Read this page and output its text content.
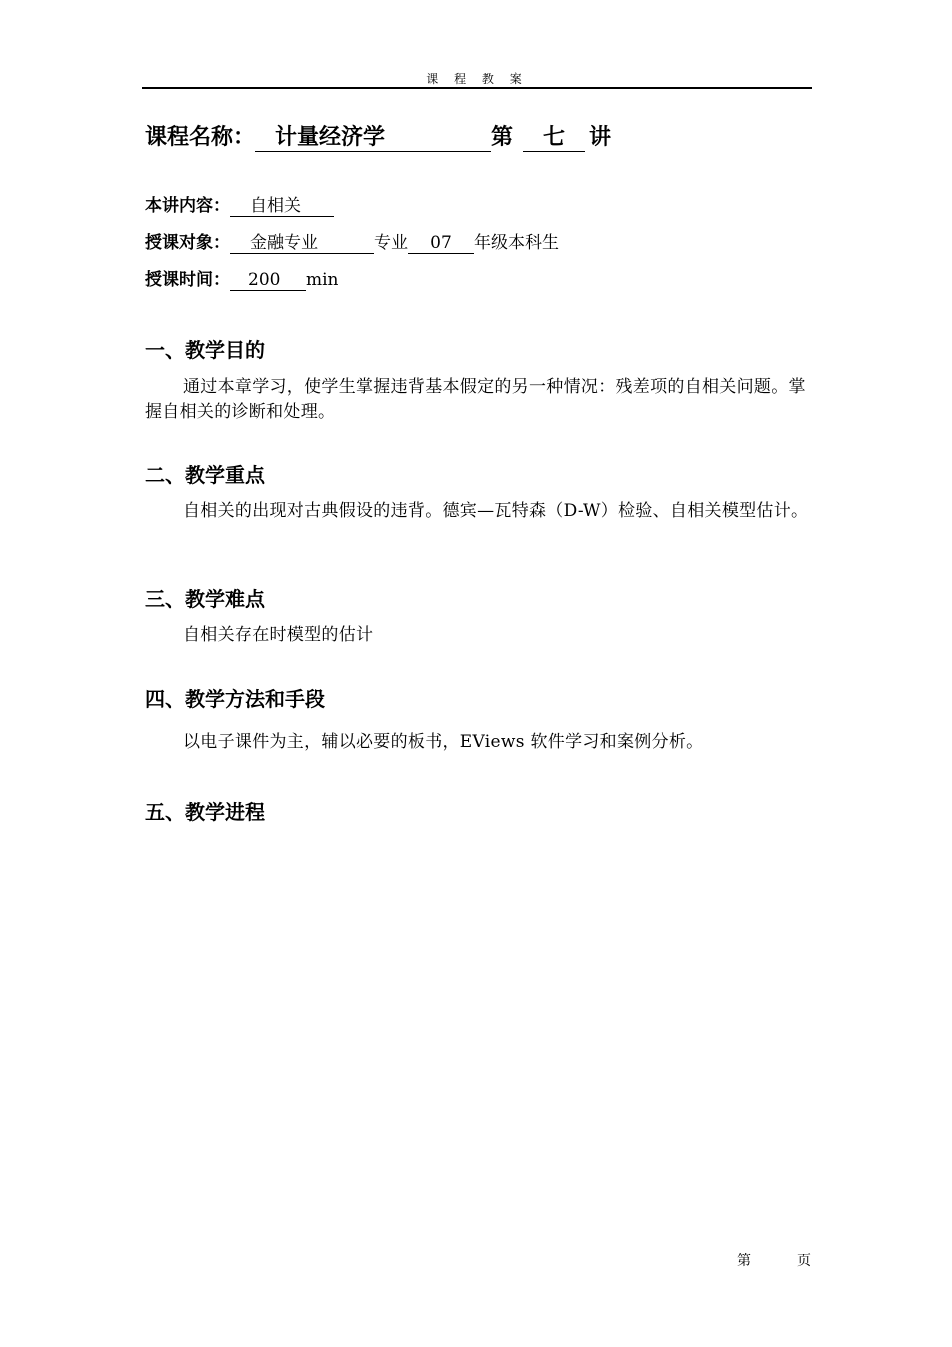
课 程 教 案
课程名称： 计量经济学	第 七 讲
本讲内容： 自相关
授课对象： 金融专业	专业 07 年级本科生
授课时间： 200 min
一、教学目的
通过本章学习，使学生掌握违背基本假定的另一种情况：残差项的自相关问题。掌握自相关的诊断和处理。
二、教学重点
自相关的出现对古典假设的违背。德宾—瓦特森（D-W）检验、自相关模型估计。
三、教学难点
自相关存在时模型的估计
四、教学方法和手段
以电子课件为主，辅以必要的板书，EViews 软件学习和案例分析。
五、教学进程
第	页
